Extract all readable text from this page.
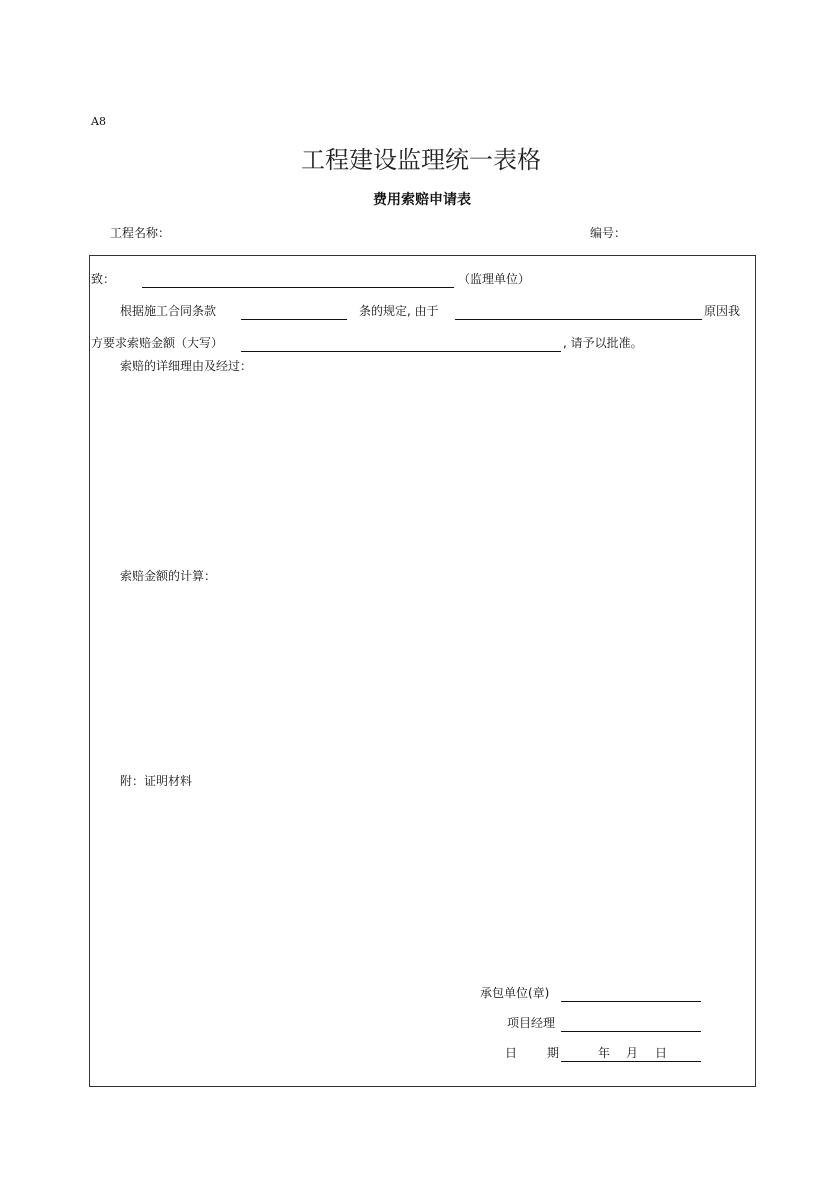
A8
工程建设监理统一表格
费用索赔申请表
工程名称：	编号：
致：	（监理单位）
根据施工合同条款	条的规定, 由于	原因我
方要求索赔金额（大写）	, 请予以批准。
索赔的详细理由及经过：
索赔金额的计算：
附：证明材料
承包单位(章)
项目经理
日 期	年 月 日
